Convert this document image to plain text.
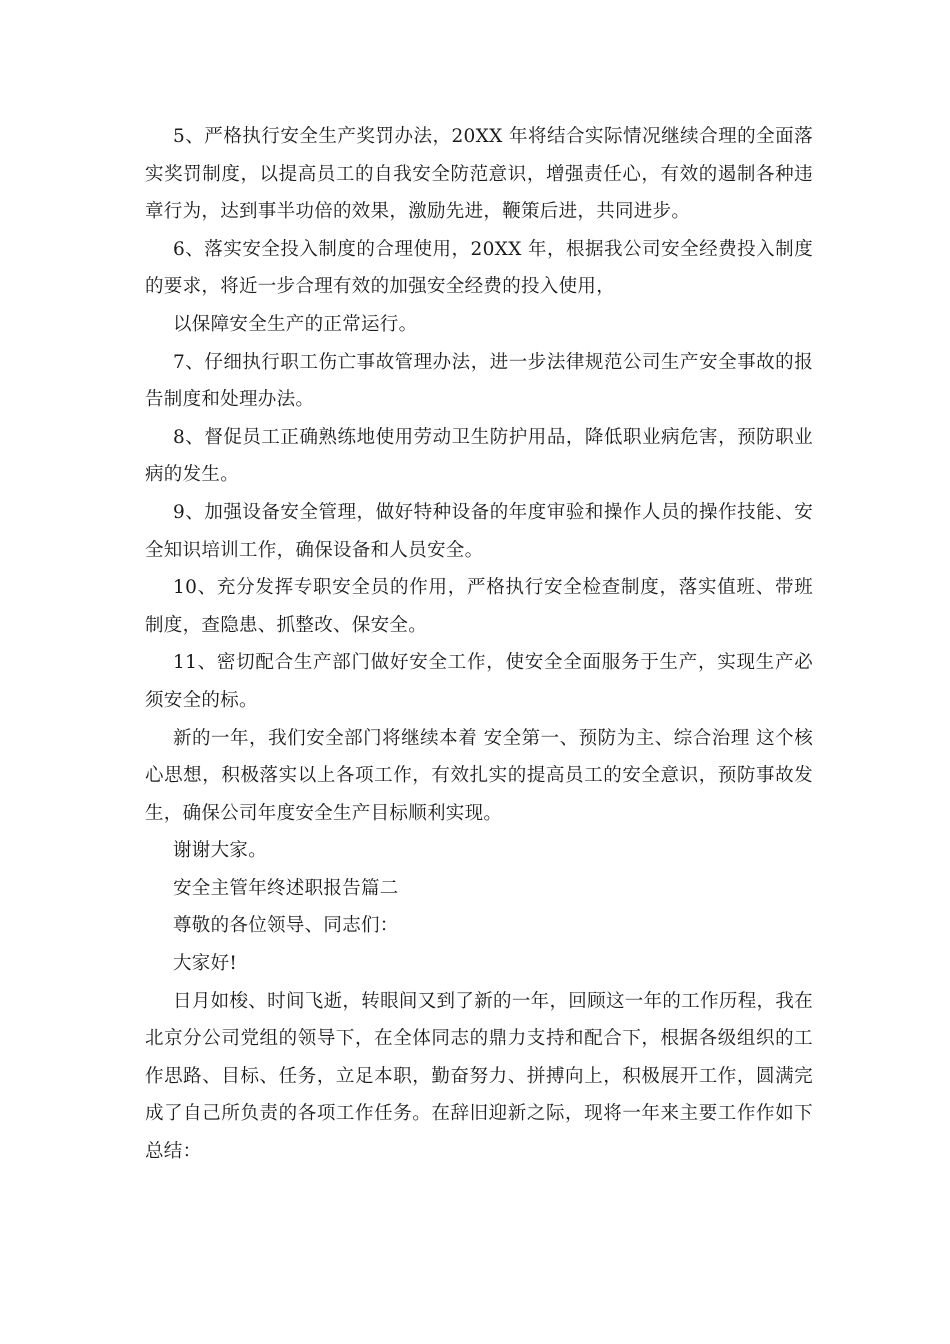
5、严格执行安全生产奖罚办法，20XX 年将结合实际情况继续合理的全面落实奖罚制度，以提高员工的自我安全防范意识，增强责任心，有效的遏制各种违章行为，达到事半功倍的效果，激励先进，鞭策后进，共同进步。

6、落实安全投入制度的合理使用，20XX 年，根据我公司安全经费投入制度的要求，将近一步合理有效的加强安全经费的投入使用，

以保障安全生产的正常运行。

7、仔细执行职工伤亡事故管理办法，进一步法律规范公司生产安全事故的报告制度和处理办法。

8、督促员工正确熟练地使用劳动卫生防护用品，降低职业病危害，预防职业病的发生。

9、加强设备安全管理，做好特种设备的年度审验和操作人员的操作技能、安全知识培训工作，确保设备和人员安全。

10、充分发挥专职安全员的作用，严格执行安全检查制度，落实值班、带班制度，查隐患、抓整改、保安全。

11、密切配合生产部门做好安全工作，使安全全面服务于生产，实现生产必须安全的标。

新的一年，我们安全部门将继续本着 安全第一、预防为主、综合治理 这个核心思想，积极落实以上各项工作，有效扎实的提高员工的安全意识，预防事故发生，确保公司年度安全生产目标顺利实现。

谢谢大家。

安全主管年终述职报告篇二

尊敬的各位领导、同志们：

大家好!

日月如梭、时间飞逝，转眼间又到了新的一年，回顾这一年的工作历程，我在北京分公司党组的领导下，在全体同志的鼎力支持和配合下，根据各级组织的工作思路、目标、任务，立足本职，勤奋努力、拼搏向上，积极展开工作，圆满完成了自己所负责的各项工作任务。在辞旧迎新之际，现将一年来主要工作作如下总结：
